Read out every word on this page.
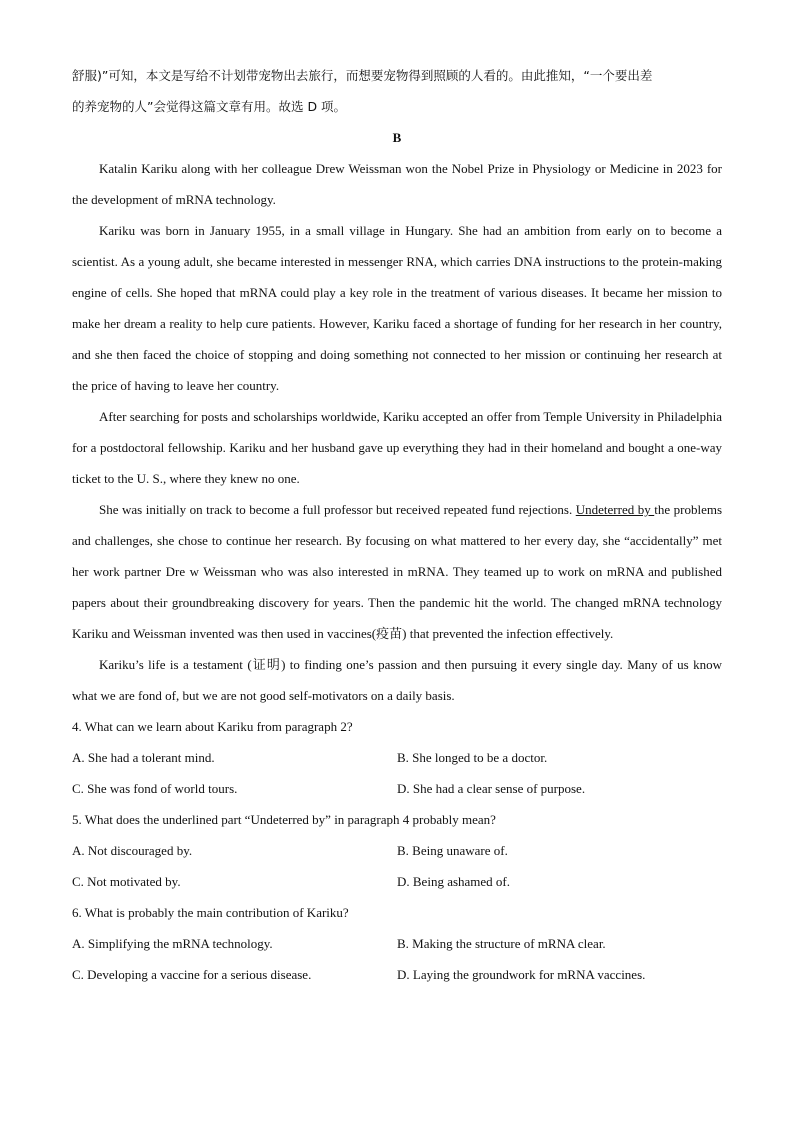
舒服)”可知，本文是写给不计划带宠物出去旅行，而想要宠物得到照顾的人看的。由此推知，“一个要出差

的养宠物的人”会觉得这篇文章有用。故选 D 项。

B

Katalin Kariku along with her colleague Drew Weissman won the Nobel Prize in Physiology or Medicine in 2023 for the development of mRNA technology.

Kariku was born in January 1955, in a small village in Hungary. She had an ambition from early on to become a scientist. As a young adult, she became interested in messenger RNA, which carries DNA instructions to the protein-making engine of cells. She hoped that mRNA could play a key role in the treatment of various diseases. It became her mission to make her dream a reality to help cure patients. However, Kariku faced a shortage of funding for her research in her country, and she then faced the choice of stopping and doing something not connected to her mission or continuing her research at the price of having to leave her country.

After searching for posts and scholarships worldwide, Kariku accepted an offer from Temple University in Philadelphia for a postdoctoral fellowship. Kariku and her husband gave up everything they had in their homeland and bought a one-way ticket to the U. S., where they knew no one.

She was initially on track to become a full professor but received repeated fund rejections. Undeterred by the problems and challenges, she chose to continue her research. By focusing on what mattered to her every day, she “accidentally” met her work partner Dre w Weissman who was also interested in mRNA. They teamed up to work on mRNA and published papers about their groundbreaking discovery for years. Then the pandemic hit the world. The changed mRNA technology Kariku and Weissman invented was then used in vaccines(疫苗) that prevented the infection effectively.

Kariku’s life is a testament (证明) to finding one’s passion and then pursuing it every single day. Many of us know what we are fond of, but we are not good self-motivators on a daily basis.

4. What can we learn about Kariku from paragraph 2?

A. She had a tolerant mind.	B. She longed to be a doctor.
C. She was fond of world tours.	D. She had a clear sense of purpose.

5. What does the underlined part “Undeterred by” in paragraph 4 probably mean?

A. Not discouraged by.	B. Being unaware of.
C. Not motivated by.	D. Being ashamed of.

6. What is probably the main contribution of Kariku?

A. Simplifying the mRNA technology.	B. Making the structure of mRNA clear.
C. Developing a vaccine for a serious disease.	D. Laying the groundwork for mRNA vaccines.
